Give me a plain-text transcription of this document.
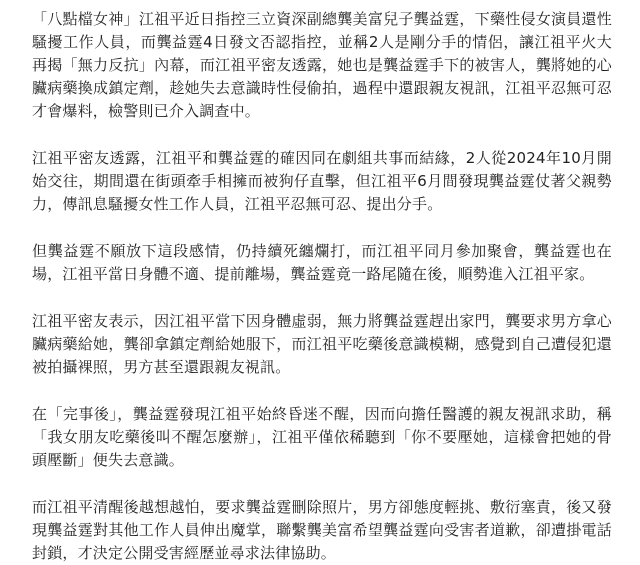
「八點檔女神」江祖平近日指控三立資深副總龔美富兒子龔益霆，下藥性侵女演員還性騷擾工作人員，而龔益霆4日發文否認指控，並稱2人是剛分手的情侶，讓江祖平火大再揭「無力反抗」內幕，而江祖平密友透露，她也是龔益霆手下的被害人，龔將她的心臟病藥換成鎮定劑，趁她失去意識時性侵偷拍，過程中還跟親友視訊，江祖平忍無可忍才會爆料，檢警則已介入調查中。

江祖平密友透露，江祖平和龔益霆的確因同在劇組共事而結緣，2人從2024年10月開始交往，期間還在街頭牽手相擁而被狗仔直擊，但江祖平6月間發現龔益霆仗著父親勢力，傳訊息騷擾女性工作人員，江祖平忍無可忍、提出分手。

但龔益霆不願放下這段感情，仍持續死纏爛打，而江祖平同月參加聚會，龔益霆也在場，江祖平當日身體不適、提前離場，龔益霆竟一路尾隨在後，順勢進入江祖平家。

江祖平密友表示，因江祖平當下因身體虛弱，無力將龔益霆趕出家門，龔要求男方拿心臟病藥給她，龔卻拿鎮定劑給她服下，而江祖平吃藥後意識模糊，感覺到自己遭侵犯還被拍攝裸照，男方甚至還跟親友視訊。

在「完事後」，龔益霆發現江祖平始終昏迷不醒，因而向擔任醫護的親友視訊求助，稱「我女朋友吃藥後叫不醒怎麼辦」，江祖平僅依稀聽到「你不要壓她，這樣會把她的骨頭壓斷」便失去意識。

而江祖平清醒後越想越怕，要求龔益霆刪除照片，男方卻態度輕挑、敷衍塞責，後又發現龔益霆對其他工作人員伸出魔掌，聯繫龔美富希望龔益霆向受害者道歉，卻遭掛電話封鎖，才決定公開受害經歷並尋求法律協助。
